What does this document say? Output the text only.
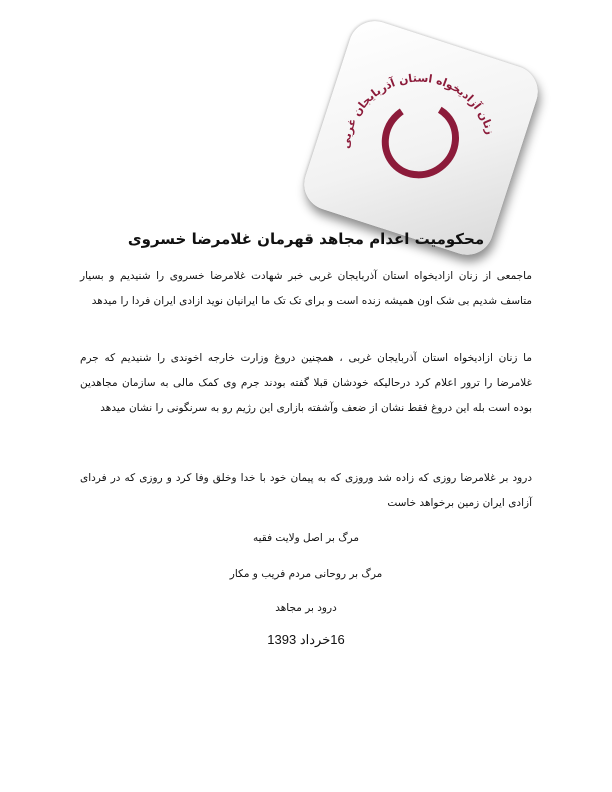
زنان آزادیخواه استان آذربایجان غربی
محکومیت اعدام مجاهد قهرمان غلامرضا خسروی
ماجمعی از زنان ازادیخواه استان آذربایجان غربی خبر شهادت غلامرضا خسروی را شنیدیم و بسیار متاسف شدیم بی شک اون همیشه زنده است و برای تک تک ما ایرانیان نوید ازادی ایران فردا را میدهد
ما زنان ازادیخواه استان آذربایجان غربی ، همچنین دروغ وزارت خارجه اخوندی را شنیدیم که جرم غلامرضا را ترور اعلام کرد درحالیکه خودشان قبلا گفته بودند جرم وی کمک مالی به سازمان مجاهدین بوده است بله این دروغ فقط نشان از ضعف وآشفته بازاری این رژیم رو به سرنگونی را نشان میدهد
درود بر غلامرضا روزی که زاده شد وروزی که به پیمان خود با خدا وخلق وفا کرد و روزی که در فردای آزادی ایران زمین برخواهد خاست
مرگ بر اصل ولایت فقیه
مرگ بر روحانی مردم فریب و مکار
درود بر مجاهد
16خرداد 1393
